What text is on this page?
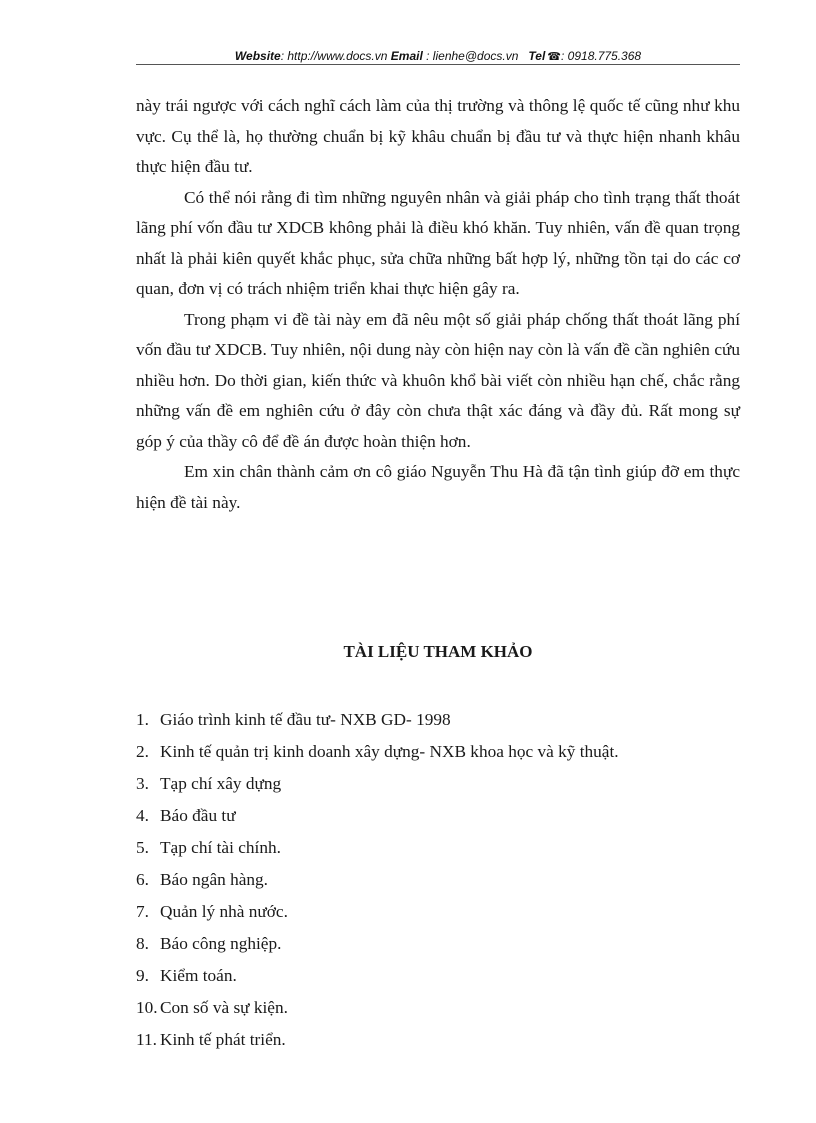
Website: http://www.docs.vn Email : lienhe@docs.vn Tel ☎: 0918.775.368

này trái ngược với cách nghĩ cách làm của thị trường và thông lệ quốc tế cũng như khu vực. Cụ thể là, họ thường chuẩn bị kỹ khâu chuẩn bị đầu tư và thực hiện nhanh khâu thực hiện đầu tư.

Có thể nói rằng đi tìm những nguyên nhân và giải pháp cho tình trạng thất thoát lãng phí vốn đầu tư XDCB không phải là điều khó khăn. Tuy nhiên, vấn đề quan trọng nhất là phải kiên quyết khắc phục, sửa chữa những bất hợp lý, những tồn tại do các cơ quan, đơn vị có trách nhiệm triển khai thực hiện gây ra.

Trong phạm vi đề tài này em đã nêu một số giải pháp chống thất thoát lãng phí vốn đầu tư XDCB. Tuy nhiên, nội dung này còn hiện nay còn là vấn đề cần nghiên cứu nhiều hơn. Do thời gian, kiến thức và khuôn khổ bài viết còn nhiều hạn chế, chắc rằng những vấn đề em nghiên cứu ở đây còn chưa thật xác đáng và đầy đủ. Rất mong sự góp ý của thầy cô để đề án được hoàn thiện hơn.

Em xin chân thành cảm ơn cô giáo Nguyễn Thu Hà đã tận tình giúp đỡ em thực hiện đề tài này.

TÀI LIỆU THAM KHẢO
1. Giáo trình kinh tế đầu tư- NXB GD- 1998
2. Kinh tế quản trị kinh doanh xây dựng- NXB khoa học và kỹ thuật.
3. Tạp chí xây dựng
4. Báo đầu tư
5. Tạp chí tài chính.
6. Báo ngân hàng.
7. Quản lý nhà nước.
8. Báo công nghiệp.
9. Kiểm toán.
10. Con số và sự kiện.
11. Kinh tế phát triển.
